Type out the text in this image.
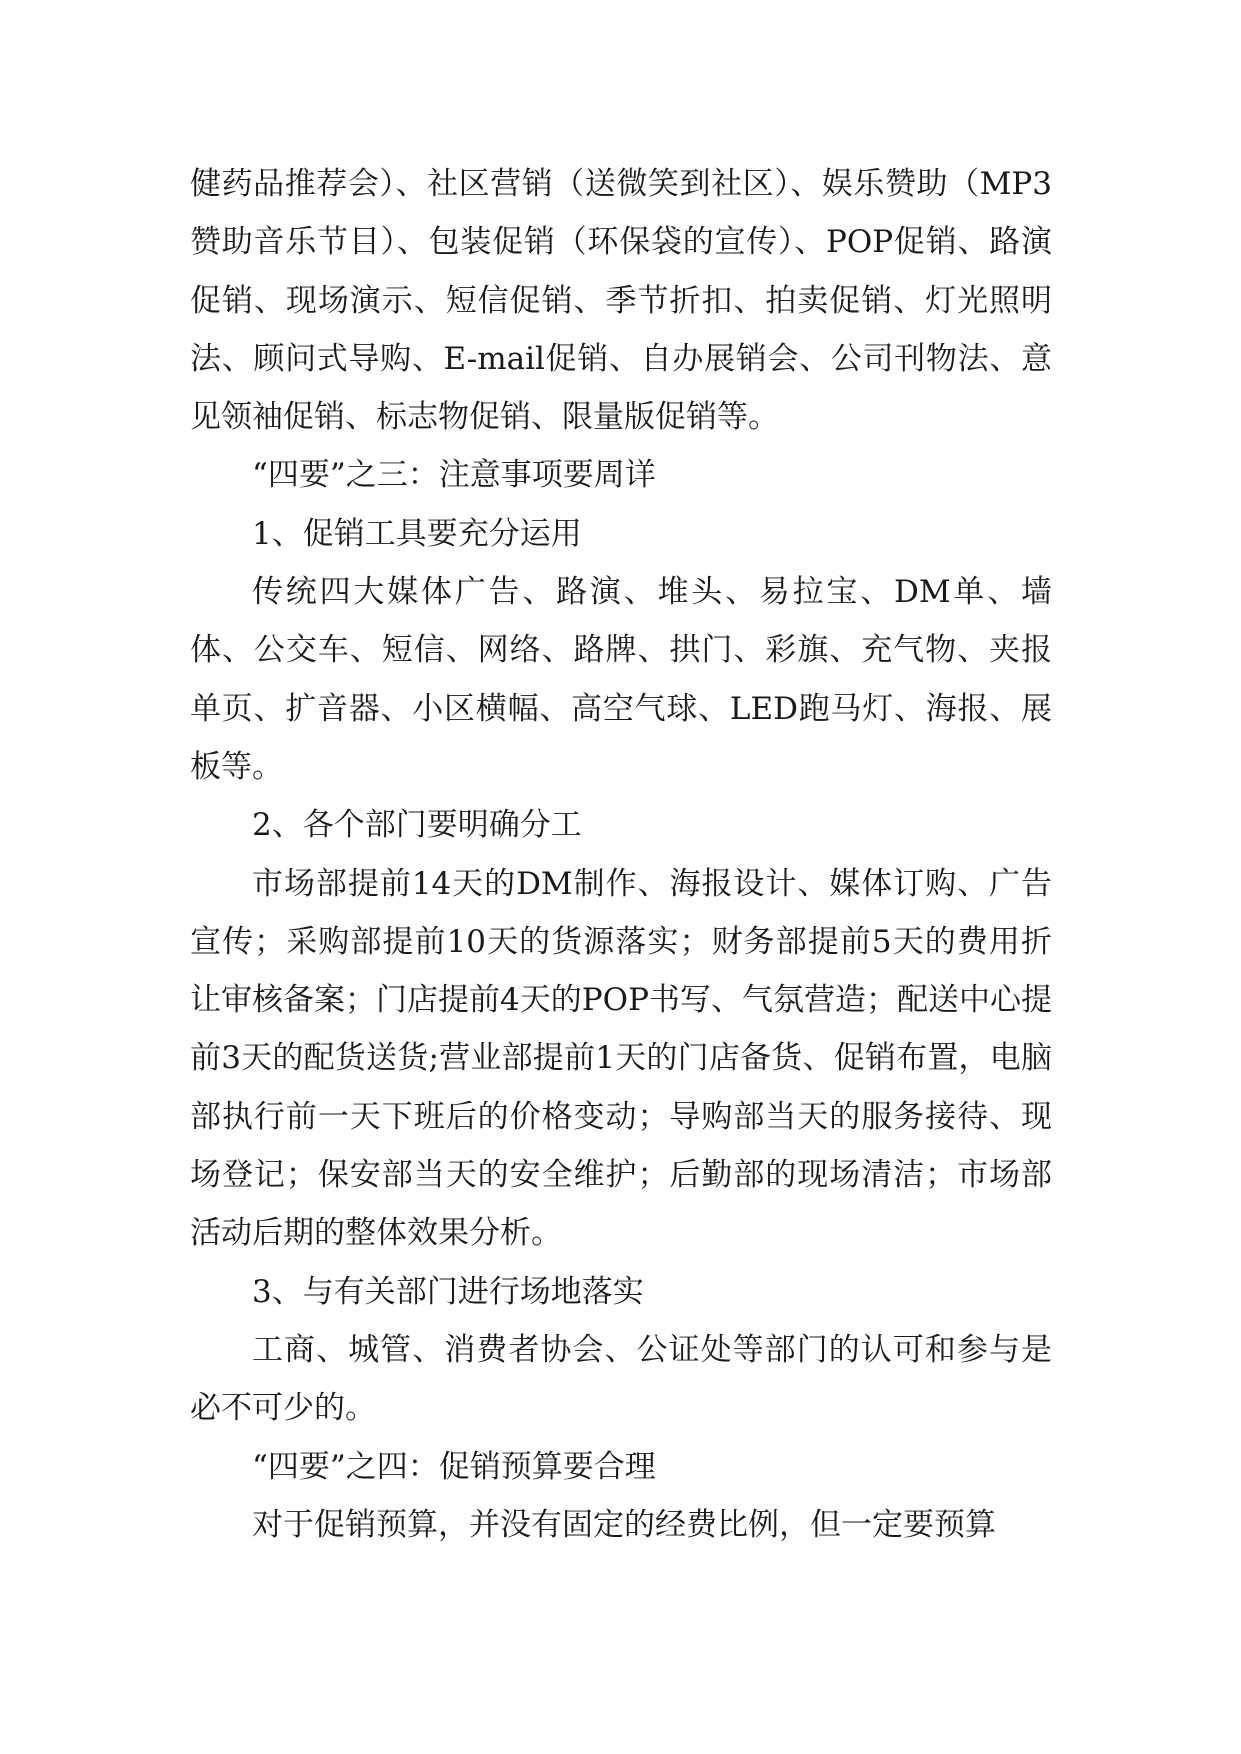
健药品推荐会）、社区营销（送微笑到社区）、娱乐赞助（MP3赞助音乐节目）、包装促销（环保袋的宣传）、POP促销、路演促销、现场演示、短信促销、季节折扣、拍卖促销、灯光照明法、顾问式导购、E-mail促销、自办展销会、公司刊物法、意见领袖促销、标志物促销、限量版促销等。

“四要”之三：注意事项要周详

1、促销工具要充分运用

传统四大媒体广告、路演、堆头、易拉宝、DM单、墙体、公交车、短信、网络、路牌、拱门、彩旗、充气物、夹报单页、扩音器、小区横幅、高空气球、LED跑马灯、海报、展板等。

2、各个部门要明确分工

市场部提前14天的DM制作、海报设计、媒体订购、广告宣传；采购部提前10天的货源落实；财务部提前5天的费用折让审核备案；门店提前4天的POP书写、气氛营造；配送中心提前3天的配货送货;营业部提前1天的门店备货、促销布置，电脑部执行前一天下班后的价格变动；导购部当天的服务接待、现场登记；保安部当天的安全维护；后勤部的现场清洁；市场部活动后期的整体效果分析。

3、与有关部门进行场地落实

工商、城管、消费者协会、公证处等部门的认可和参与是必不可少的。

“四要”之四：促销预算要合理

对于促销预算，并没有固定的经费比例，但一定要预算
